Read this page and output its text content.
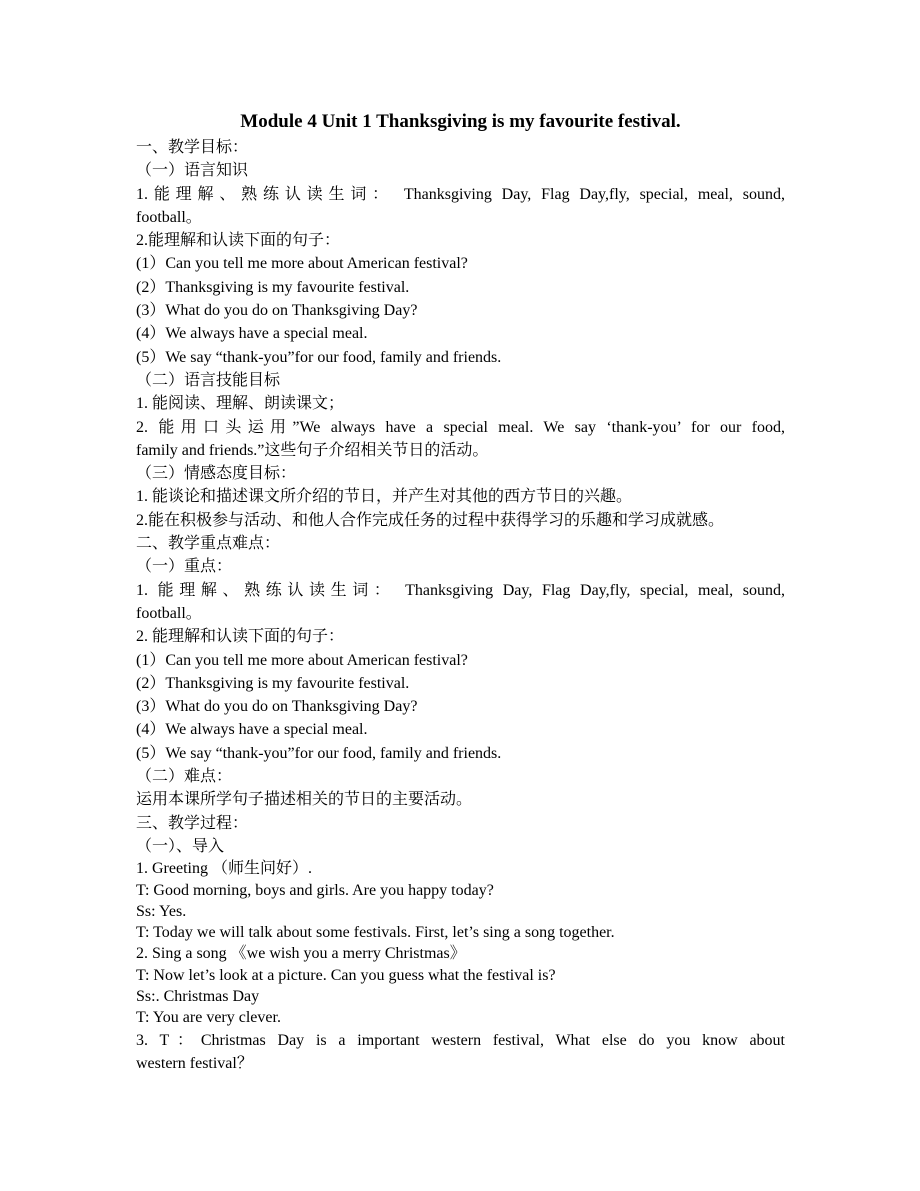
Module 4 Unit 1 Thanksgiving is my favourite festival.
一、教学目标：
（一）语言知识
1.能理解、熟练认读生词： Thanksgiving Day, Flag Day,fly, special, meal, sound,
football。
2.能理解和认读下面的句子：
(1）Can you tell me more about American festival?
(2）Thanksgiving is my favourite festival.
(3）What do you do on Thanksgiving Day?
(4）We always have a special meal.
(5）We say “thank-you”for our food, family and friends.
（二）语言技能目标
1. 能阅读、理解、朗读课文；
2. 能用口头运用”We always have a special meal. We say ‘thank-you’ for our food,
family and friends.”这些句子介绍相关节日的活动。
（三）情感态度目标：
1. 能谈论和描述课文所介绍的节日，并产生对其他的西方节日的兴趣。
2.能在积极参与活动、和他人合作完成任务的过程中获得学习的乐趣和学习成就感。
二、教学重点难点：
（一）重点：
1. 能理解、熟练认读生词： Thanksgiving Day, Flag Day,fly, special, meal, sound,
football。
2. 能理解和认读下面的句子：
(1）Can you tell me more about American festival?
(2）Thanksgiving is my favourite festival.
(3）What do you do on Thanksgiving Day?
(4）We always have a special meal.
(5）We say “thank-you”for our food, family and friends.
（二）难点：
运用本课所学句子描述相关的节日的主要活动。
三、教学过程：
（一）、导入
1. Greeting （师生问好）.
T: Good morning, boys and girls. Are you happy today?
Ss: Yes.
T: Today we will talk about some festivals. First, let’s sing a song together.
2. Sing a song 《we wish you a merry Christmas》
T: Now let’s look at a picture. Can you guess what the festival is?
Ss:. Christmas Day
T: You are very clever.
3. T：Christmas Day is a important western festival, What else do you know about
western festival？
